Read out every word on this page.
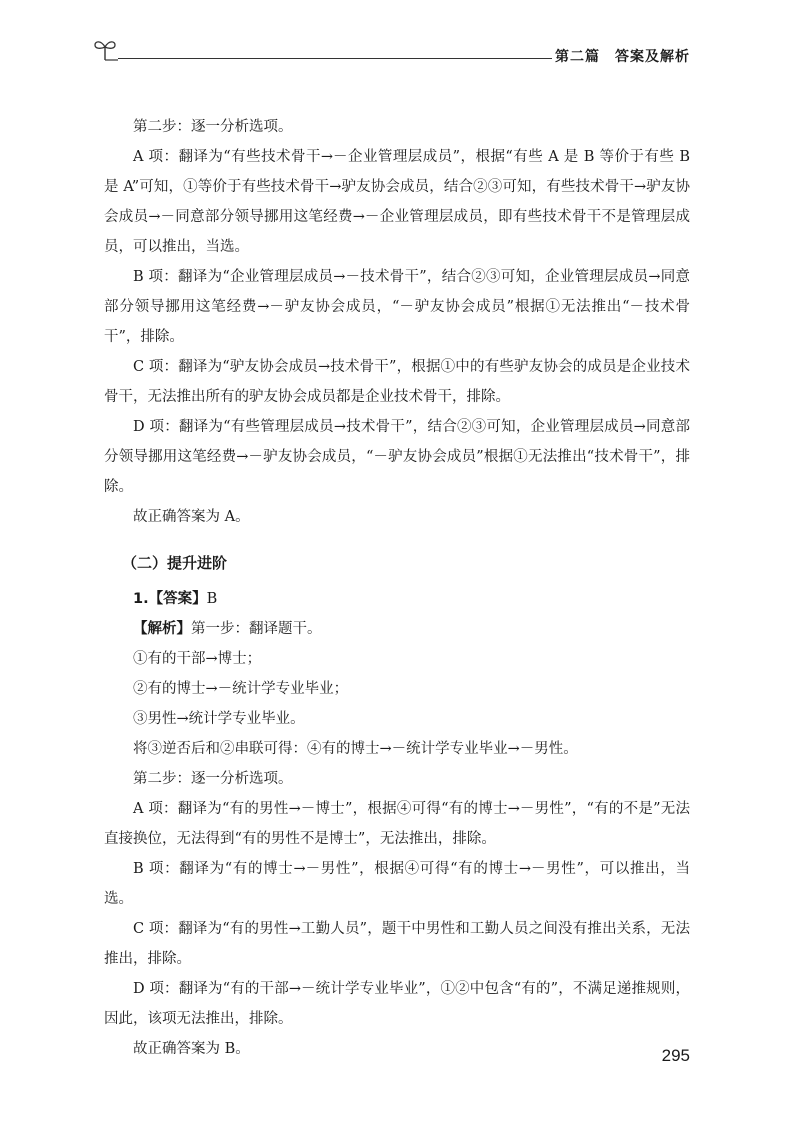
第二篇　答案及解析

第二步：逐一分析选项。

A 项：翻译为“有些技术骨干→－企业管理层成员”，根据“有些 A 是 B 等价于有些 B 是 A”可知，①等价于有些技术骨干→驴友协会成员，结合②③可知，有些技术骨干→驴友协会成员→－同意部分领导挪用这笔经费→－企业管理层成员，即有些技术骨干不是管理层成员，可以推出，当选。

B 项：翻译为“企业管理层成员→－技术骨干”，结合②③可知，企业管理层成员→同意部分领导挪用这笔经费→－驴友协会成员，“－驴友协会成员”根据①无法推出“－技术骨干”，排除。

C 项：翻译为“驴友协会成员→技术骨干”，根据①中的有些驴友协会的成员是企业技术骨干，无法推出所有的驴友协会成员都是企业技术骨干，排除。

D 项：翻译为“有些管理层成员→技术骨干”，结合②③可知，企业管理层成员→同意部分领导挪用这笔经费→－驴友协会成员，“－驴友协会成员”根据①无法推出“技术骨干”，排除。

故正确答案为 A。

（二）提升进阶

1.【答案】B

【解析】第一步：翻译题干。

①有的干部→博士；

②有的博士→－统计学专业毕业；

③男性→统计学专业毕业。

将③逆否后和②串联可得：④有的博士→－统计学专业毕业→－男性。

第二步：逐一分析选项。

A 项：翻译为“有的男性→－博士”，根据④可得“有的博士→－男性”，“有的不是”无法直接换位，无法得到“有的男性不是博士”，无法推出，排除。

B 项：翻译为“有的博士→－男性”，根据④可得“有的博士→－男性”，可以推出，当选。

C 项：翻译为“有的男性→工勤人员”，题干中男性和工勤人员之间没有推出关系，无法推出，排除。

D 项：翻译为“有的干部→－统计学专业毕业”，①②中包含“有的”，不满足递推规则，因此，该项无法推出，排除。

故正确答案为 B。	295
